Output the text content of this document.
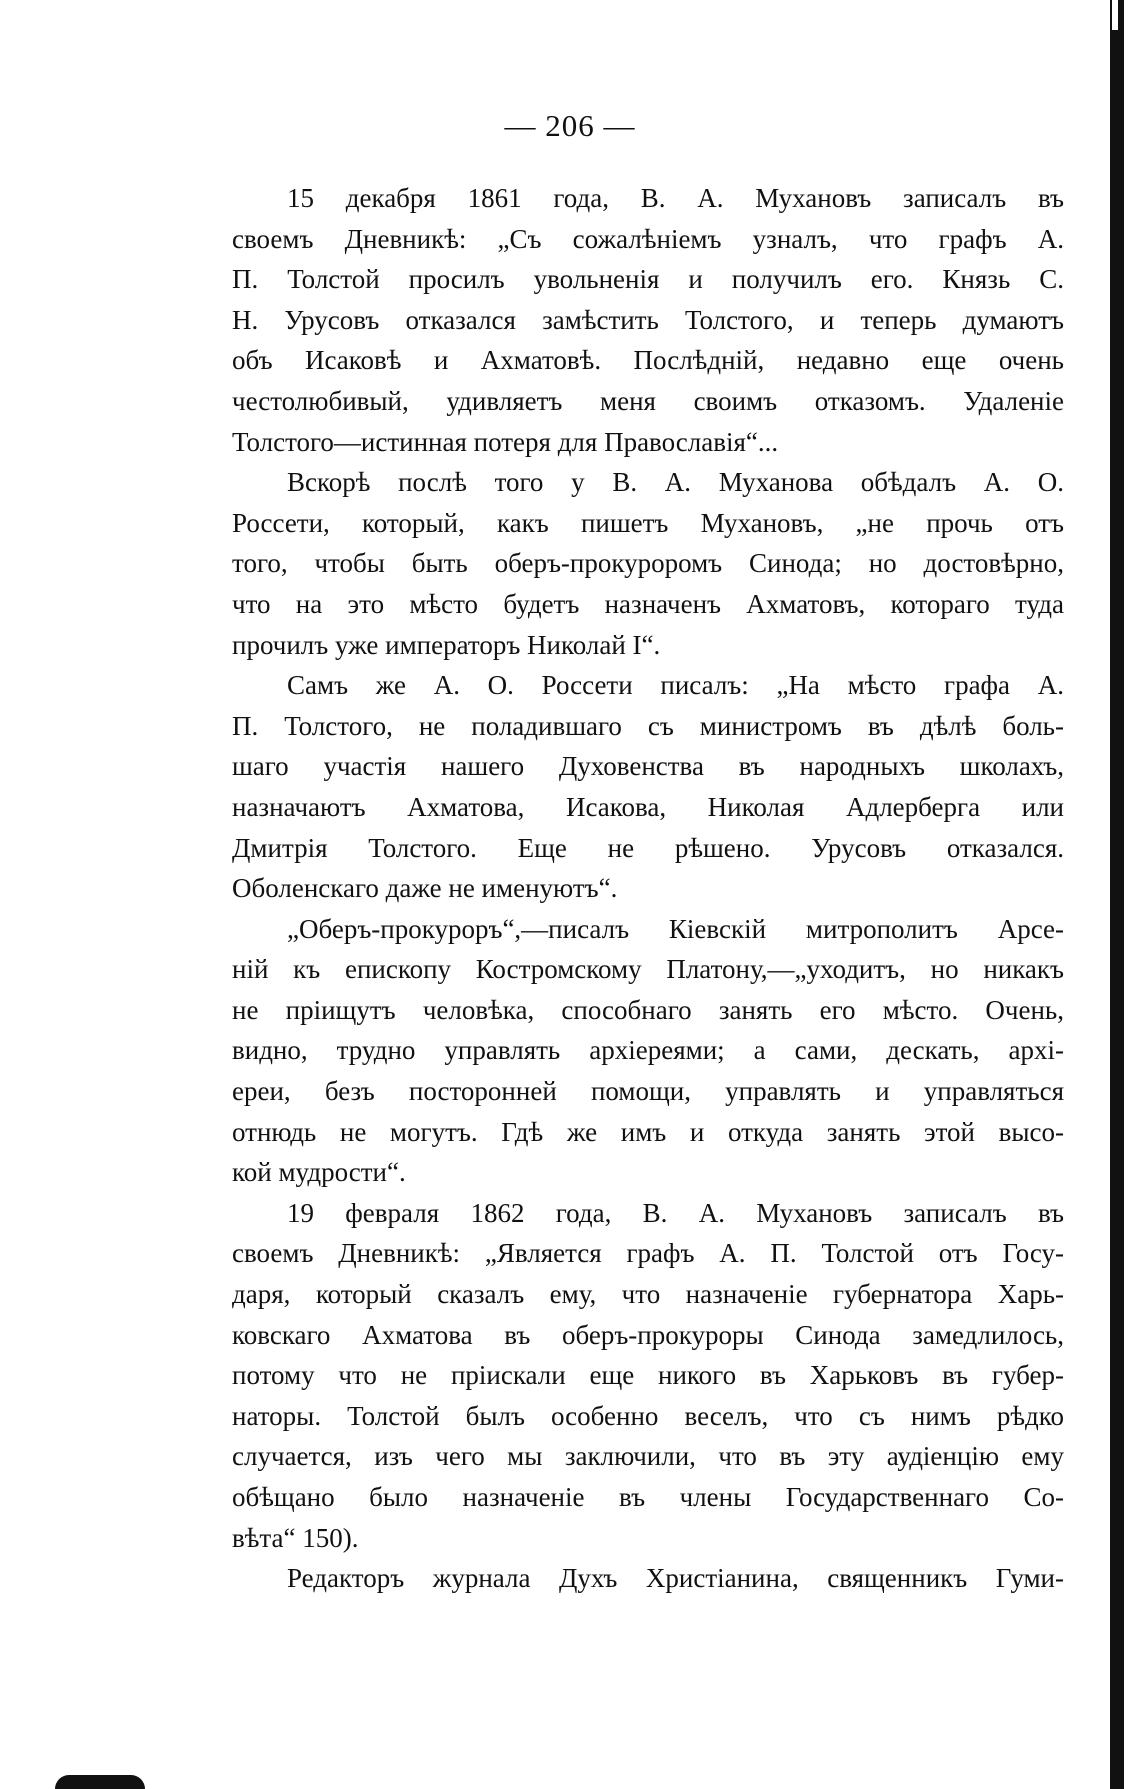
— 206 —
15 декабря 1861 года, В. А. Мухановъ записалъ въ
своемъ Дневникѣ: „Съ сожалѣніемъ узналъ, что графъ А.
П. Толстой просилъ увольненія и получилъ его. Князь С.
Н. Урусовъ отказался замѣстить Толстого, и теперь думаютъ
объ Исаковѣ и Ахматовѣ. Послѣдній, недавно еще очень
честолюбивый, удивляетъ меня своимъ отказомъ. Удаленіе
Толстого—истинная потеря для Православія“...
Вскорѣ послѣ того у В. А. Муханова обѣдалъ А. О.
Россети, который, какъ пишетъ Мухановъ, „не прочь отъ
того, чтобы быть оберъ-прокуроромъ Синода; но достовѣрно,
что на это мѣсто будетъ назначенъ Ахматовъ, котораго туда
прочилъ уже императоръ Николай I“.
Самъ же А. О. Россети писалъ: „На мѣсто графа А.
П. Толстого, не поладившаго съ министромъ въ дѣлѣ боль-
шаго участія нашего Духовенства въ народныхъ школахъ,
назначаютъ Ахматова, Исакова, Николая Адлерберга или
Дмитрія Толстого. Еще не рѣшено. Урусовъ отказался.
Оболенскаго даже не именуютъ“.
„Оберъ-прокуроръ“,—писалъ Кіевскій митрополитъ Арсе-
ній къ епископу Костромскому Платону,—„уходитъ, но никакъ
не пріищутъ человѣка, способнаго занять его мѣсто. Очень,
видно, трудно управлять архіереями; а сами, дескать, архі-
ереи, безъ посторонней помощи, управлять и управляться
отнюдь не могутъ. Гдѣ же имъ и откуда занять этой высо-
кой мудрости“.
19 февраля 1862 года, В. А. Мухановъ записалъ въ
своемъ Дневникѣ: „Является графъ А. П. Толстой отъ Госу-
даря, который сказалъ ему, что назначеніе губернатора Харь-
ковскаго Ахматова въ оберъ-прокуроры Синода замедлилось,
потому что не пріискали еще никого въ Харьковъ въ губер-
наторы. Толстой былъ особенно веселъ, что съ нимъ рѣдко
случается, изъ чего мы заключили, что въ эту аудіенцію ему
обѣщано было назначеніе въ члены Государственнаго Со-
вѣта“ 150).
Редакторъ журнала Духъ Христіанина, священникъ Гуми-
